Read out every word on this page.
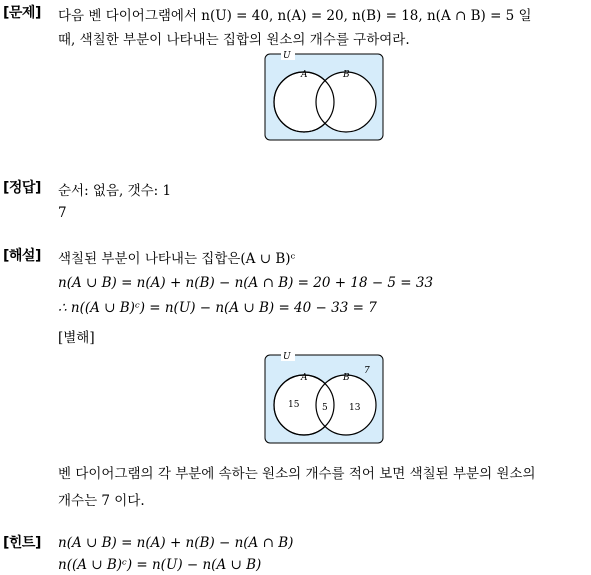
[문제] 다음 벤 다이어그램에서 n(U) = 40, n(A) = 20, n(B) = 18, n(A ∩ B) = 5 일
때, 색칠한 부분이 나타내는 집합의 원소의 개수를 구하여라.
U
A	B
[정답] 순서: 없음, 갯수: 1
7
[해설] 색칠된 부분이 나타내는 집합은(A ∪ B)ᶜ
n(A ∪ B) = n(A) + n(B) − n(A ∩ B) = 20 + 18 − 5 = 33
∴ n((A ∪ B)ᶜ) = n(U) − n(A ∪ B) = 40 − 33 = 7
[별해]
U
A	B
7
15	5 13
벤 다이어그램의 각 부분에 속하는 원소의 개수를 적어 보면 색칠된 부분의 원소의
개수는 7 이다.
[힌트] n(A ∪ B) = n(A) + n(B) − n(A ∩ B)
n((A ∪ B)ᶜ) = n(U) − n(A ∪ B)
